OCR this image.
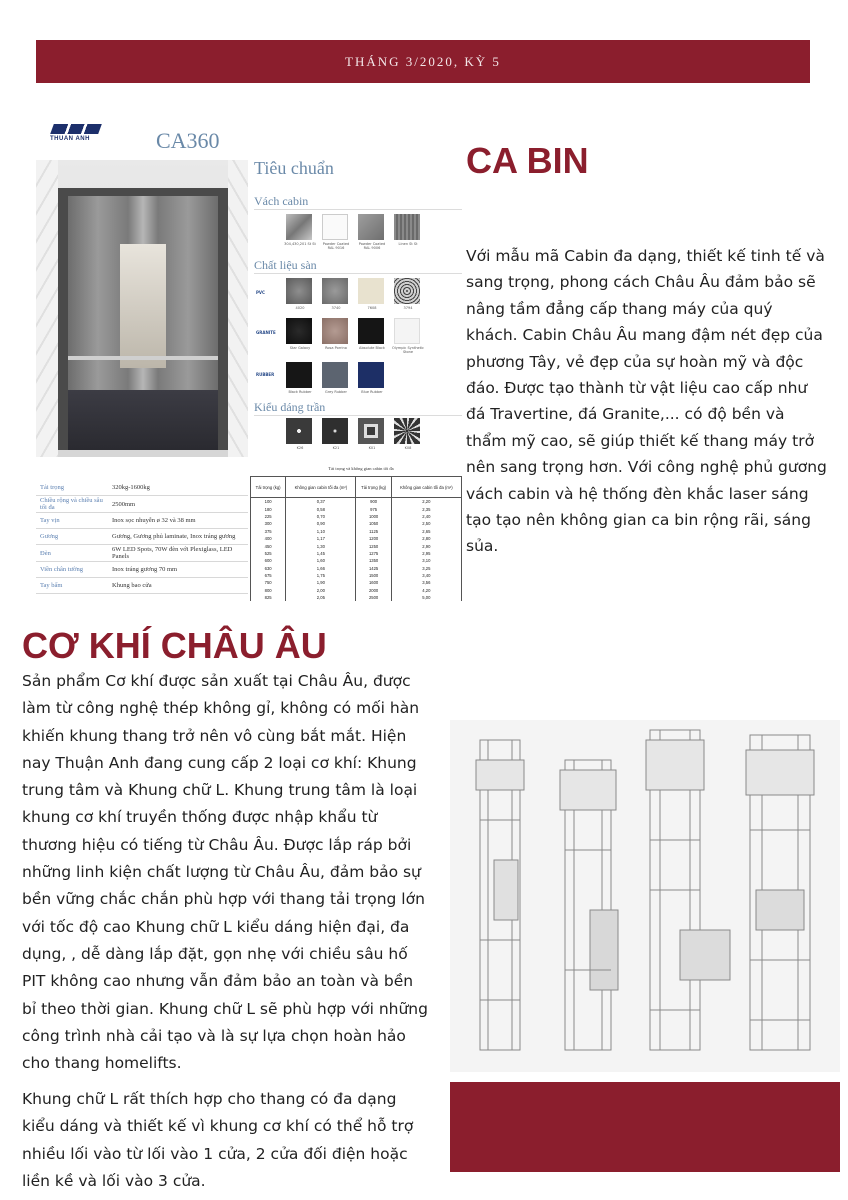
THÁNG 3/2020, KỲ 5
THUAN ANH	CA360
Tiêu chuẩn
Vách cabin
304,430,201 St St	Powder Coated RAL 9016
Powder Coated RAL 9006
Linen St St
Chất liệu sàn
PVC
4020	3740	7608	3794
GRANITE
Star Galaxy	Rosa Porrino	Absolute Black	Olympic Synthetic Stone
RUBBER
Black Rubber	Grey Rubber	Blue Rubber
Kiểu dáng trần
K26	K21	K01	K08
Tải trọng	320kg-1600kg
Chiều rộng và chiều sâu tối đa	2500mm
Tay vịn	Inox sọc nhuyễn ø 32 và 38 mm
Gương	Gương, Gương phủ laminate, Inox tráng gương
Đèn	6W LED Spots, 70W đèn với Plexiglass, LED Panels
Viền chân tường	Inox tráng gương 70 mm
Tay bấm	Khung bao cửa
Tải trọng và không gian cabin tối đa
Tải trọng (kg)	Không gian cabin tối đa (m²)	Tải trọng (kg)	Không gian cabin tối đa (m²)
100	0,37	900	2,20
180	0,58	975	2,35
225	0,70	1000	2,40
300	0,90	1050	2,50
375	1,10	1125	2,65
400	1,17	1200	2,80
450	1,30	1250	2,90
525	1,45	1275	2,95
600	1,60	1350	3,10
630	1,66	1425	3,25
675	1,75	1500	3,40
750	1,90	1600	3,56
800	2,00	2000	4,20
825	2,05	2500	5,00
CA BIN

Với mẫu mã Cabin đa dạng, thiết kế tinh tế và sang trọng, phong cách Châu Âu đảm bảo sẽ nâng tầm đẳng cấp thang máy của quý khách. Cabin Châu Âu mang đậm nét đẹp của phương Tây, vẻ đẹp của sự hoàn mỹ và độc đáo. Được tạo thành từ vật liệu cao cấp như đá Travertine, đá Granite,... có độ bền và thẩm mỹ cao, sẽ giúp thiết kế thang máy trở nên sang trọng hơn. Với công nghệ phủ gương vách cabin và hệ thống đèn khắc laser sáng tạo tạo nên không gian ca bin rộng rãi, sáng sủa.

CƠ KHÍ CHÂU ÂU

Sản phẩm Cơ khí được sản xuất tại Châu Âu, được làm từ công nghệ thép không gỉ, không có mối hàn khiến khung thang trở nên vô cùng bắt mắt. Hiện nay Thuận Anh đang cung cấp 2 loại cơ khí: Khung trung tâm và Khung chữ L. Khung trung tâm là loại khung cơ khí truyền thống được nhập khẩu từ thương hiệu có tiếng từ Châu Âu. Được lắp ráp bởi những linh kiện chất lượng từ Châu Âu, đảm bảo sự bền vững chắc chắn phù hợp với thang tải trọng lớn với tốc độ cao Khung chữ L kiểu dáng hiện đại, đa dụng, , dễ dàng lắp đặt, gọn nhẹ với chiều sâu hố PIT không cao nhưng vẫn đảm bảo an toàn và bền bỉ theo thời gian. Khung chữ L sẽ phù hợp với những công trình nhà cải tạo và là sự lựa chọn hoàn hảo cho thang homelifts.

Khung chữ L rất thích hợp cho thang có đa dạng kiểu dáng và thiết kế vì khung cơ khí có thể hỗ trợ nhiều lối vào từ lối vào 1 cửa, 2 cửa đối điện hoặc liền kề và lối vào 3 cửa.
